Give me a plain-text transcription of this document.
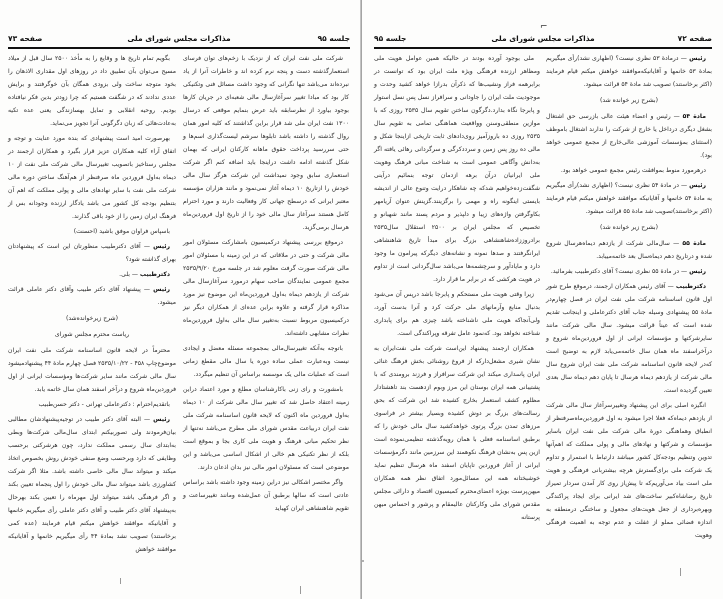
جلسه ۹۵
مذاکرات مجلس شورای ملی
صفحه ۷۳

شرکت ملی نفت ایران که از نزدیک با زخم‌های توان فرسای استعمارگذشته دست و پنجه نرم کرده اند و خاطرات آنرا از یاد نبرده‌اند می‌باشد تنها نگرانی که وجود داشت مسائل فنی وتکنیکی کار بود که مبادا تغییر سرآغازسال مالی شعبه‌ای در جریان کارها بوجود بیاورد از نظرسابقه باید عرض بنمایم موقعی که درسال ۱۳۰۰ نفت ایران ملی شد قرار براین گذاشتند که کلیه امور همان روال گذشته را داشته باشد تابلوها سرشم لیست‌گذاری اسم‌ها و حتی سررسید پرداخت حقوق ماهانه کارکنان ایرانی که بهمان شکل گذشته ادامه داشت دراینجا باید اضافه کنم اگر شرکت استعماری سابق وجود نمیداشت این شرکت هرگز سال مالی خودش را ازتاریخ ۱۰ دیماه آغاز نمی‌نمود و مانند هزاران مؤسسه معتبر ایرانی که درسطح جهانی کار وفعالیت دارند و مورد احترام کامل هستند سرآغاز سال مالی خود را از تاریخ اول فروردین‌ماه هرسال برمی‌گزید.

درموقع بررسی پیشنهاد درکمیسیون بامشارکت مسئولان امور مالی شرکت و حتی در ملاقاتی که در این زمینه با مسئولان امور مالی شرکت صورت گرفت معلوم شد در جلسه مورخ ۲۵۳۵/۹/۲۰ مجمع عمومی نمایندگان صاحب سهام درمورد سرآغازسال مالی شرکت از یازدهم دیماه به‌اول فروردین‌ماه این موضوع نیز مورد مذاکره قرار گرفته و علاوه براین عده‌ای از همکاران دیگر نیز درکمیسیون مربوط نسبت به‌تغییر سال مالی به‌اول فروردین‌ماه نظرات مشابهی داشته‌اند.

باتوجه به‌آنکه تغییرسال‌مالی بمجموعه مسئله معضل و ایجادی نیست وبه‌عبارت عملی ساده دوره یا سال مالی مقطع زمانی است که عملیات مالی یک موسسه براساس آن تنظیم میگردد.

بامشورت و رای زنی باکارشناسان مطلع و مورد اعتماد دراین زمینه اعتقاد حاصل شد که تغییر سال مالی شرکت از ۱۰ دیماه به‌اول فروردین ماه اکنون که لایحه قانون اساسنامه شرکت ملی نفت ایران دربیاعت مقدس شورای ملی مطرح می‌باشد نه‌تنها از نظر تحکیم مبانی فرهنگ و هویت ملی کاری بجا و بموقع است بلکه از نظر تکنیکی هم خالی از اشکال اساسی می‌باشد و این موضوعی است که مسئولان امور مالی نیز بدان اذعان دارند.

واگر مختصر اشکالی نیز دراین زمینه وجود داشته باشد براساس عادتی است که سالها برطبق آن عمل‌شده ومانند تغییرساعت و تقویم شاهنشاهی ایران کهباید

بگویم تمام تاریخ ها و وقایع را به مأخذ ۲۵۰۰ سال قبل از میلاد مسیح می‌توان بآن تطبیق داد در روزهای اول مقداری الاذهان را بخود متوجه ساخت ولی بزودی همگان بآن خوگرفتند و برایش عددی ندادند که در شگفت هستیم که چرا زودتر بدین فکر نیافتاده بودیم. روحیه انقلابی و تمایل بهسازندگی یعنی عده تکیه به‌عادت‌هائی که زبان دگرگونی آنرا تجویز می‌نماید.

بهرصورت امید است پیشنهادی که بنده مورد عنایت و توجه و اتفاق آراء کلیه همکاران عزیز قرار بگیرد و همکاران ارجمند در مجلس رستاخیز باتصویب تغییرسال مالی شرکت ملی نفت از ۱۰ دیماه به‌اول فروردین ماه صرفنظر از هم‌آهنگ ساختن دوره مالی شرکت ملی نفت با سایر نهادهای مالی و پولی مملکت که اهم آن بتنظیم بودجه کل کشور می باشد یادگار ارزنده وجودانه بس از فرهنگ ایران زمین را از خود باقی گذارند.

باسپاس فراوان موفق باشید (احسنت)

رئیس — آقای دکترطبیب منظورتان این است که پیشنهادتان بهرای گذاشته شود؟

دکترطبیب — بلی.

رئیس — پیشنهاد آقای دکتر طبیب وآقای دکتر عاملی قرائت میشود.

(شرح زیرخوانده‌شد)

ریاست محترم مجلس شورای

محترماً در لایحه قانون اساسنامه شرکت ملی نفت ایران موضوع‌چاپ ۴۵۸ - ۲۵۳۵/۱۰/۲۲ فصل چهارم مادة ۴۴ پیشنهادمیشود سال مالی شرکت مانند سایر شرکت‌ها ومؤسسات ایرانی از اول فروردین‌ماه شروع و درآخر اسفند همان سال خاتمه یابد.

باتقدیم‌احترام : دکترعاملی تهرانی - دکتر حسن‌طبیب

رئیس — البته آقای دکتر طبیب در توجیه‌پیشنهادشان مطالبی بیان‌فرمودند ولی تصوربیکنم ابتدای سال‌مالی شرکت‌ها وبطی به‌ابتدای سال رسمی مملکت ندارد، چون هرشرکتی برحسب وظایفی که دارد وبرحسب وضع صنفی خودش روش بخصوص اتخاذ میکند و میتواند سال مالی خاصی داشته باشد. مثلا اگر شرکت کشاورزی باشد میتواند سال مالی خودش را اول پنجماه تعیین بکند و اگر فرهنگی باشد میتواند اول مهرماه را تعیین بکند بهرحال به‌پیشنهاد آقای دکتر طبیب و آقای دکتر عاملی رأی میگیریم خانمها و آقایانیکه موافقند خواهش میکنم قیام فرمایند (عده کمی برخاستند) تصویب نشد بمادة ۴۴ رأی میگیریم خانمها و آقایانیکه موافقند خواهش

⌐
صفحه ۷۲
مذاکرات مجلس شورای ملی
جلسه ۹۵

رئیس — درمادة ۵۳ نظری نیست؟ (اظهاری نشد)رأی میگیریم بمادة ۵۳ خانمها و آقایانیکه‌موافقند خواهش میکنم قیام فرمایند (اکثر برخاستند) تصویب شد مادة ۵۴ قرائت میشود.

(بشرح زیر خوانده شد)

مادة ۵۴ — رئیس و اعضاء هیئت عالی بازرسی حق اشتغال بشغل دیگری درداخل یا خارج از شرکت را ندارند اشتغال باموظف (استثنای بمؤسسات آموزشی عالی‌خارج از مجمع عمومی خواهد بود).

درهرمورد منوط بموافقت رئیس مجمع عمومی خواهد بود.

رئیس — در مادة ۵۴ نظری نیست؟ (اظهاری نشد)رأی میگیریم به مادة ۵۴ خانمها و آقایانیکه موافقند خواهش میکنم قیام فرمایند (اکثر برخاستند)تصویب شد مادة ۵۵ قرائت میشود.

(بشرح زیر خوانده شد)

مادة ۵۵ — سال‌مالی شرکت از یازدهم دیماه‌هرسال شروع شده و درتاریخ دهم دیماه‌سال بعد خاتمه‌مییابد.

رئیس — در مادة ۵۵ نظری نیست؟ آقای دکترطبیب بفرمائید.

دکترطبیب — آقای رئیس همکاران ارجمند، درموقع طرح شور اول قانون اساسنامه شرکت ملی نفت ایران در فصل چهارم‌در مادة ۵۵ پیشنهادی وسیله جناب آقای دکترعاملی و اینجانب تقدیم شده است که عیناً قرائت میشود. سال مالی شرکت مانند سایرشرکتها و مؤسسات ایرانی از اول فروردین‌ماه شروع و درآخراسفند ماه همان سال خاتمه‌می‌یابد لازم به توضیح است که‌در لایحه قانون اساسنامه شرکت ملی نفت ایران شروع سال مالی شرکت از یازدهم دیماه هرسال تا پایان دهم دیماه سال بعدی تعیین گردیده است.

انگیزه اصلی برای این پیشنهاد وتغییرسرآغاز سال مالی شرکت از یازدهم دیماه‌که فعلا اجرا میشود به اول فروردین‌ماه‌صرفنظر از انطباق وهماهنگی دورة مالی شرکت ملی نفت ایران باسایر مؤسسات و شرکتها و نهادهای مالی و پولی مملکت که اهم‌آنها تدوین وتنظیم بودجه‌کل کشور میباشد دارتباط با استمرار و تداوم یک شرکت ملی برای‌گسترش هرچه بیشتربانی فرهنگی و هویت ملی است بیاد می‌آوریم‌که تا پیش‌از روی کار آمدن سردار تمیراز تاریخ رضاشاه‌کبیر ساخت‌های شد ایرانی برای ایجاد پراکندگی وبهره‌برداری از جعل هویت‌های مجعول و ساختگی درمنطقه به اندازه فضائی مملو از غفلت و عدم توجه به اهمیت فرهنگی وهویت

ملی بوجود آورده بودند در حالیکه همین عوامل هویت ملی ومظاهر ارزنده فرهنگی ویژه ملت ایران بود که توانست در برابرهمه فراز ونشیب‌ها که ذکرآن بدرازا خواهد کشید وحدت و موجودیت ملت ایران را جاودانی و سرافراز نسل پس نسل استوار و پابرجا نگاه بدارد.دگرگون ساختن تقویم سال ۲۵۳۵ روزی که با موازین منطقی‌وسنن وواقعیت هماهنگی تمامی به تقویم سال ۲۵۳۵ روزی ده باروزآمیز روی‌دادهای ثابت تاریخی ازاینجا شکل و مالی ده روز پس زمین و سرددکرگی و سرگردانی رهائی یافته اگر به‌دانش وآگاهی عمومی است به شناخت مبانی فرهنگ وهویت ملی ایرانیان درآن برهه ازدمان توجه بنمائیم درآینی شگفت‌زده‌خواهیم شدکه چه شاهکار درایت وتنوع عالی از اندیشه بایستی اینگونه راه و مهمی را برگزینند.گزینش عنوان آریامهر بکاوگرفتن واژه‌های زیبا و دلپذیر و مردم پسند مانند شهبانو و تخصیص که مجلس ایران بر ۲۵۰۰ استقلال سال‌۲۵۳۵ برادروززاده‌شاهنشاهی بزرگ برای مبدأ تاریخ شاهنشاهی ایرانگرفتند و صدها نمونه و نشانه‌های دیگرکه پیرامون ما وجود دارد و مایادآور و سرچشمه‌ها می‌باشد سال‌گردانی است از تداوم در هویت هرکشی که در برابر ما قرار دارد.

زیرا وقتی هویت ملی مستحکم و پابرجا باشد درپس آن می‌شود بدنبال منابع وآرمانهای ملی حرکت کرد و آنرا بدست آورد، ولی‌آنجاکه هویت ملی ناشناخته باشد چیزی هم برای پابداری شناخته نخواهد بود. که‌نمود عامل تفرقه وپراکندگی است.

همکاران ارجمند پیشنهاد این‌است شرکت ملی نفت‌ایران به نشان شیری مشعل‌دارکه از فروغ روشنائی بخش فرهنگ غنائی ایران پاسداری میکند این شرکت سرافراز و فرزند برومندی که با پشتیبانی همه ایران بوستان این مرز وبوم ازدهست بند تاهشتادار مظلوم کشف استعمار بخارج کشیده شد این شرکت که بحق رسالت‌های بزرگ بر دوش کشیده وبسیار بیشتر در فراسوی مرزهای تمدن بزرگ پرتوی خواهدکشید سال مالی خودش را که برطبق اساسنامه فعلی با همان رویه‌گذشته تنظیمی‌نموده است ازین پس به‌نشان فرهنگ نکوهمند این سرزمین مانند دگرمؤسسات ایرانی از آغاز فروردین تاپایان اسفند ماه هرسال تنظیم نماید خوشبختانه همه این مسائل‌مورد اتفاق نظر همه همکاران میهن‌پرست بویژه اعضای‌محترم کمیسیون اقتصاد و دارائی مجلس مقدس شورای ملی وکارکنان عالیمقام و پرشور و احساس میهن پرستانه
